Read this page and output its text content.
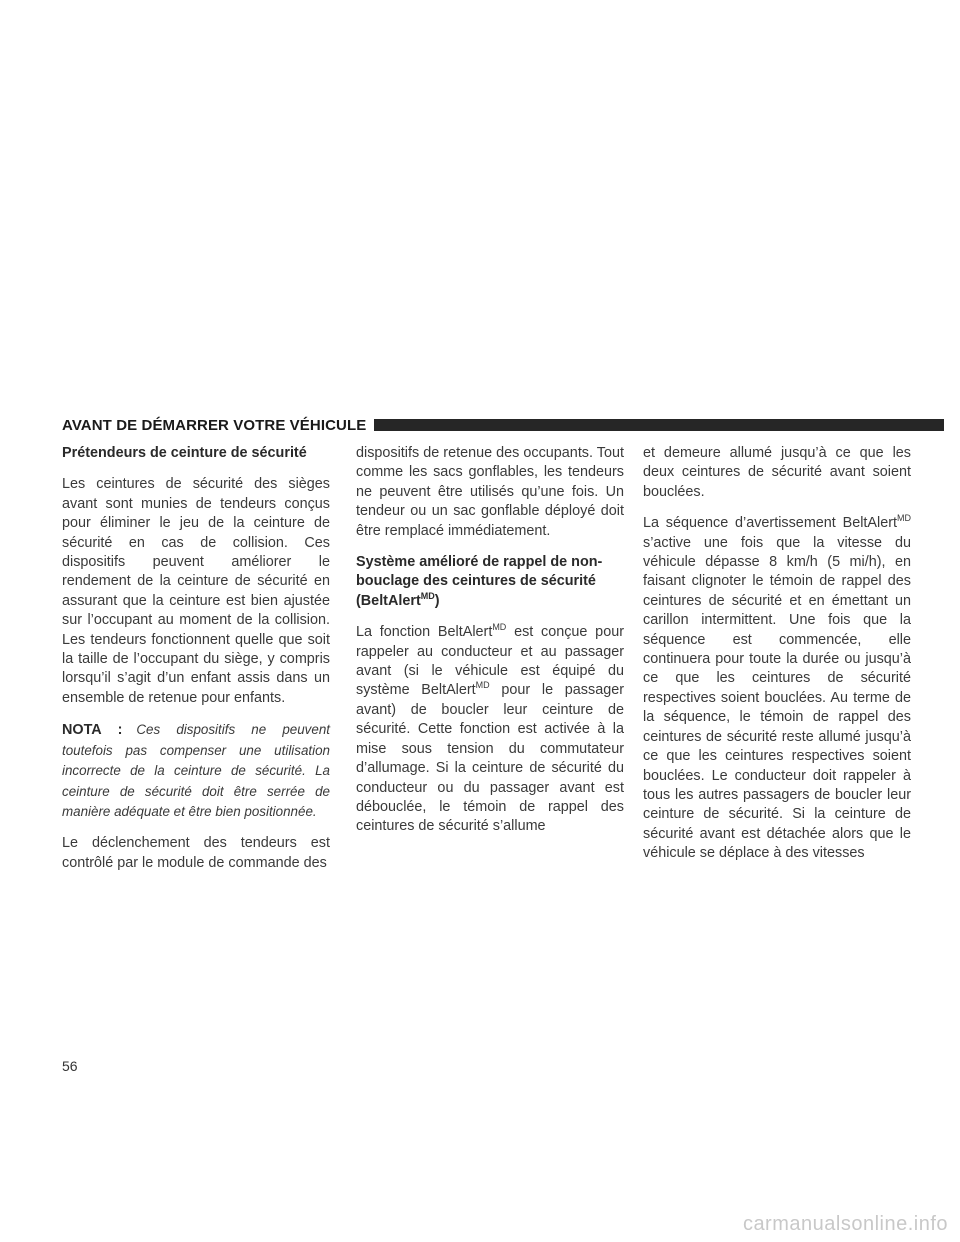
AVANT DE DÉMARRER VOTRE VÉHICULE
Prétendeurs de ceinture de sécurité

Les ceintures de sécurité des sièges avant sont munies de tendeurs conçus pour éliminer le jeu de la ceinture de sécurité en cas de collision. Ces dispositifs peuvent améliorer le rendement de la ceinture de sécurité en assurant que la ceinture est bien ajustée sur l’occupant au moment de la collision. Les tendeurs fonctionnent quelle que soit la taille de l’occupant du siège, y compris lorsqu’il s’agit d’un enfant assis dans un ensemble de retenue pour enfants.

NOTA : Ces dispositifs ne peuvent toutefois pas compenser une utilisation incorrecte de la ceinture de sécurité. La ceinture de sécurité doit être serrée de manière adéquate et être bien positionnée.

Le déclenchement des tendeurs est contrôlé par le module de commande des

dispositifs de retenue des occupants. Tout comme les sacs gonflables, les tendeurs ne peuvent être utilisés qu’une fois. Un tendeur ou un sac gonflable déployé doit être remplacé immédiatement.

Système amélioré de rappel de non-bouclage des ceintures de sécurité (BeltAlert$^{MD}$)

La fonction BeltAlert$^{MD}$ est conçue pour rappeler au conducteur et au passager avant (si le véhicule est équipé du système BeltAlert$^{MD}$ pour le passager avant) de boucler leur ceinture de sécurité. Cette fonction est activée à la mise sous tension du commutateur d’allumage. Si la ceinture de sécurité du conducteur ou du passager avant est débouclée, le témoin de rappel des ceintures de sécurité s’allume

et demeure allumé jusqu’à ce que les deux ceintures de sécurité avant soient bouclées.

La séquence d’avertissement BeltAlert$^{MD}$ s’active une fois que la vitesse du véhicule dépasse 8 km/h (5 mi/h), en faisant clignoter le témoin de rappel des ceintures de sécurité et en émettant un carillon intermittent. Une fois que la séquence est commencée, elle continuera pour toute la durée ou jusqu’à ce que les ceintures de sécurité respectives soient bouclées. Au terme de la séquence, le témoin de rappel des ceintures de sécurité reste allumé jusqu’à ce que les ceintures respectives soient bouclées. Le conducteur doit rappeler à tous les autres passagers de boucler leur ceinture de sécurité. Si la ceinture de sécurité avant est détachée alors que le véhicule se déplace à des vitesses

56
carmanualsonline.info
